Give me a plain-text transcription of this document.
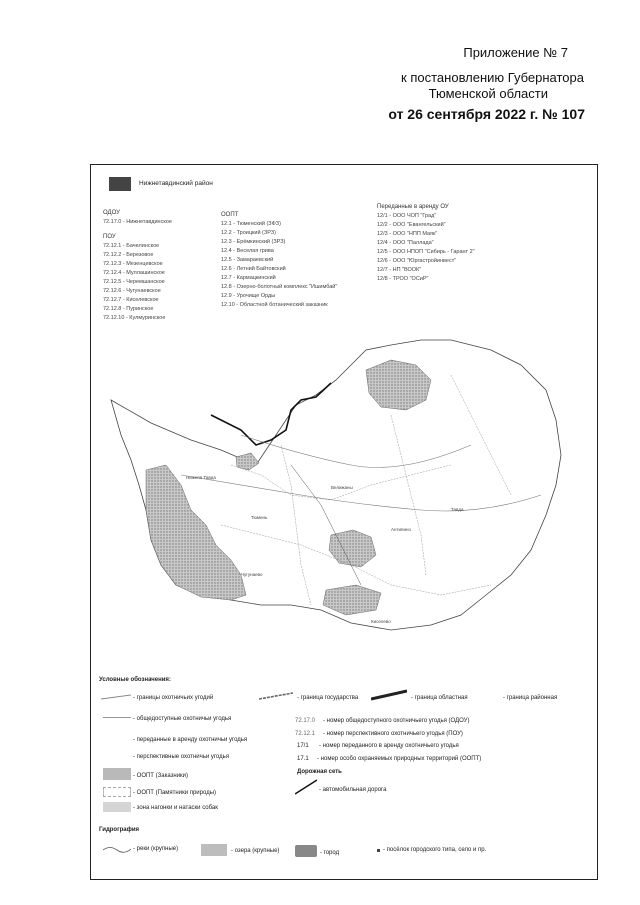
Приложение № 7
к постановлению Губернатора
Тюменской области
от 26 сентября 2022 г. № 107
Нижнетавдинский район
ОДОУ
72.17.0 - Нижнетавдинское
ПОУ
72.12.1 - Бачелинское
72.12.2 - Березовое
72.12.3 - Мезенцевское
72.12.4 - Муллашинское
72.12.5 - Черемшанское
72.12.6 - Чугунаевское
72.12.7 - Киселевское
72.12.8 - Пуринское
72.12.10 - Кулмуринское
ООПТ
12.1 - Тюменский (ЗФЗ)
12.2 - Троицкий (ЗРЗ)
12.3 - Ерёмкинский (ЗРЗ)
12.4 - Веселая грива
12.5 - Замараевский
12.6 - Летний Байтовский
12.7 - Кармацкинский
12.8 - Озерно-болотный комплекс "Ишимбай"
12.9 - Урочище Орды
12.10 - Областной ботанический заказник
Переданные в аренду ОУ
12/1 - ООО ЧОП "Град"
12/2 - ООО "Евангельский"
12/3 - ООО "НПП Маяк"
12/4 - ООО "Паллада"
12/5 - ООО НПОП "Сибирь - Гарант 2"
12/6 - ООО "Юргастройинвест"
12/7 - НП "ВООК"
12/8 - ТРОО "ОСиР"
Нижняя Тавда
Тюмень
Велижаны
Антипино
Тавда
Чугунаево
Киселево
Условные обозначения:
- границы охотничьих угодий	- граница государства	- граница областная	- граница районная
- общедоступные охотничьи угодья
- переданные в аренду охотничьи угодья
- перспективные охотничьи угодья
- ООПТ (Заказники)
- ООПТ (Памятники природы)
- зона нагонки и натаски собак
72.17.0 - номер общедоступного охотничьего угодья (ОДОУ)
72.12.1 - номер перспективного охотничьего угодья (ПОУ)
17/1 - номер переданного в аренду охотничьего угодья
17.1 - номер особо охраняемых природных территорий (ООПТ)
Дорожная сеть
- автомобильная дорога
Гидрография
- реки (крупные)	- озера (крупные)	- город	- посёлок городского типа, село и пр.
